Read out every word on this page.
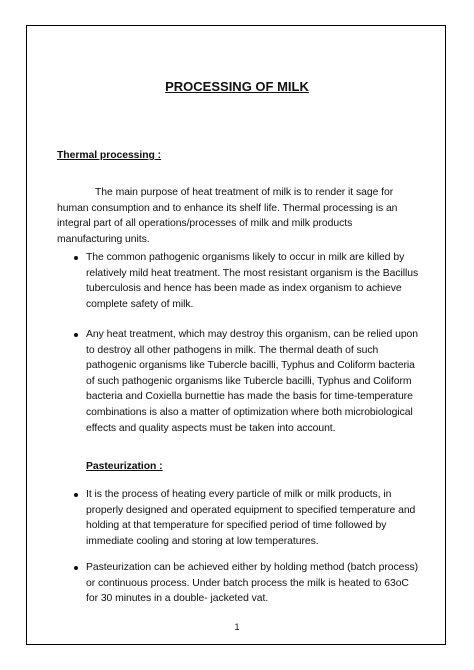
PROCESSING OF MILK
Thermal processing :
The main purpose of heat treatment of milk is to render it sage for human consumption and to enhance its shelf life. Thermal processing is an integral part of all operations/processes of milk and milk products manufacturing units.
The common pathogenic organisms likely to occur in milk are killed by relatively mild heat treatment. The most resistant organism is the Bacillus tuberculosis and hence has been made as index organism to achieve complete safety of milk.
Any heat treatment, which may destroy this organism, can be relied upon to destroy all other pathogens in milk. The thermal death of such pathogenic organisms like Tubercle bacilli, Typhus and Coliform bacteria of such pathogenic organisms like Tubercle bacilli, Typhus and Coliform bacteria and Coxiella burnettie has made the basis for time-temperature combinations is also a matter of optimization where both microbiological effects and quality aspects must be taken into account.
Pasteurization :
It is the process of heating every particle of milk or milk products, in properly designed and operated equipment to specified temperature and holding at that temperature for specified period of time followed by immediate cooling and storing at low temperatures.
Pasteurization can be achieved either by holding method (batch process) or continuous process. Under batch process the milk is heated to 63oC for 30 minutes in a double- jacketed vat.
1
